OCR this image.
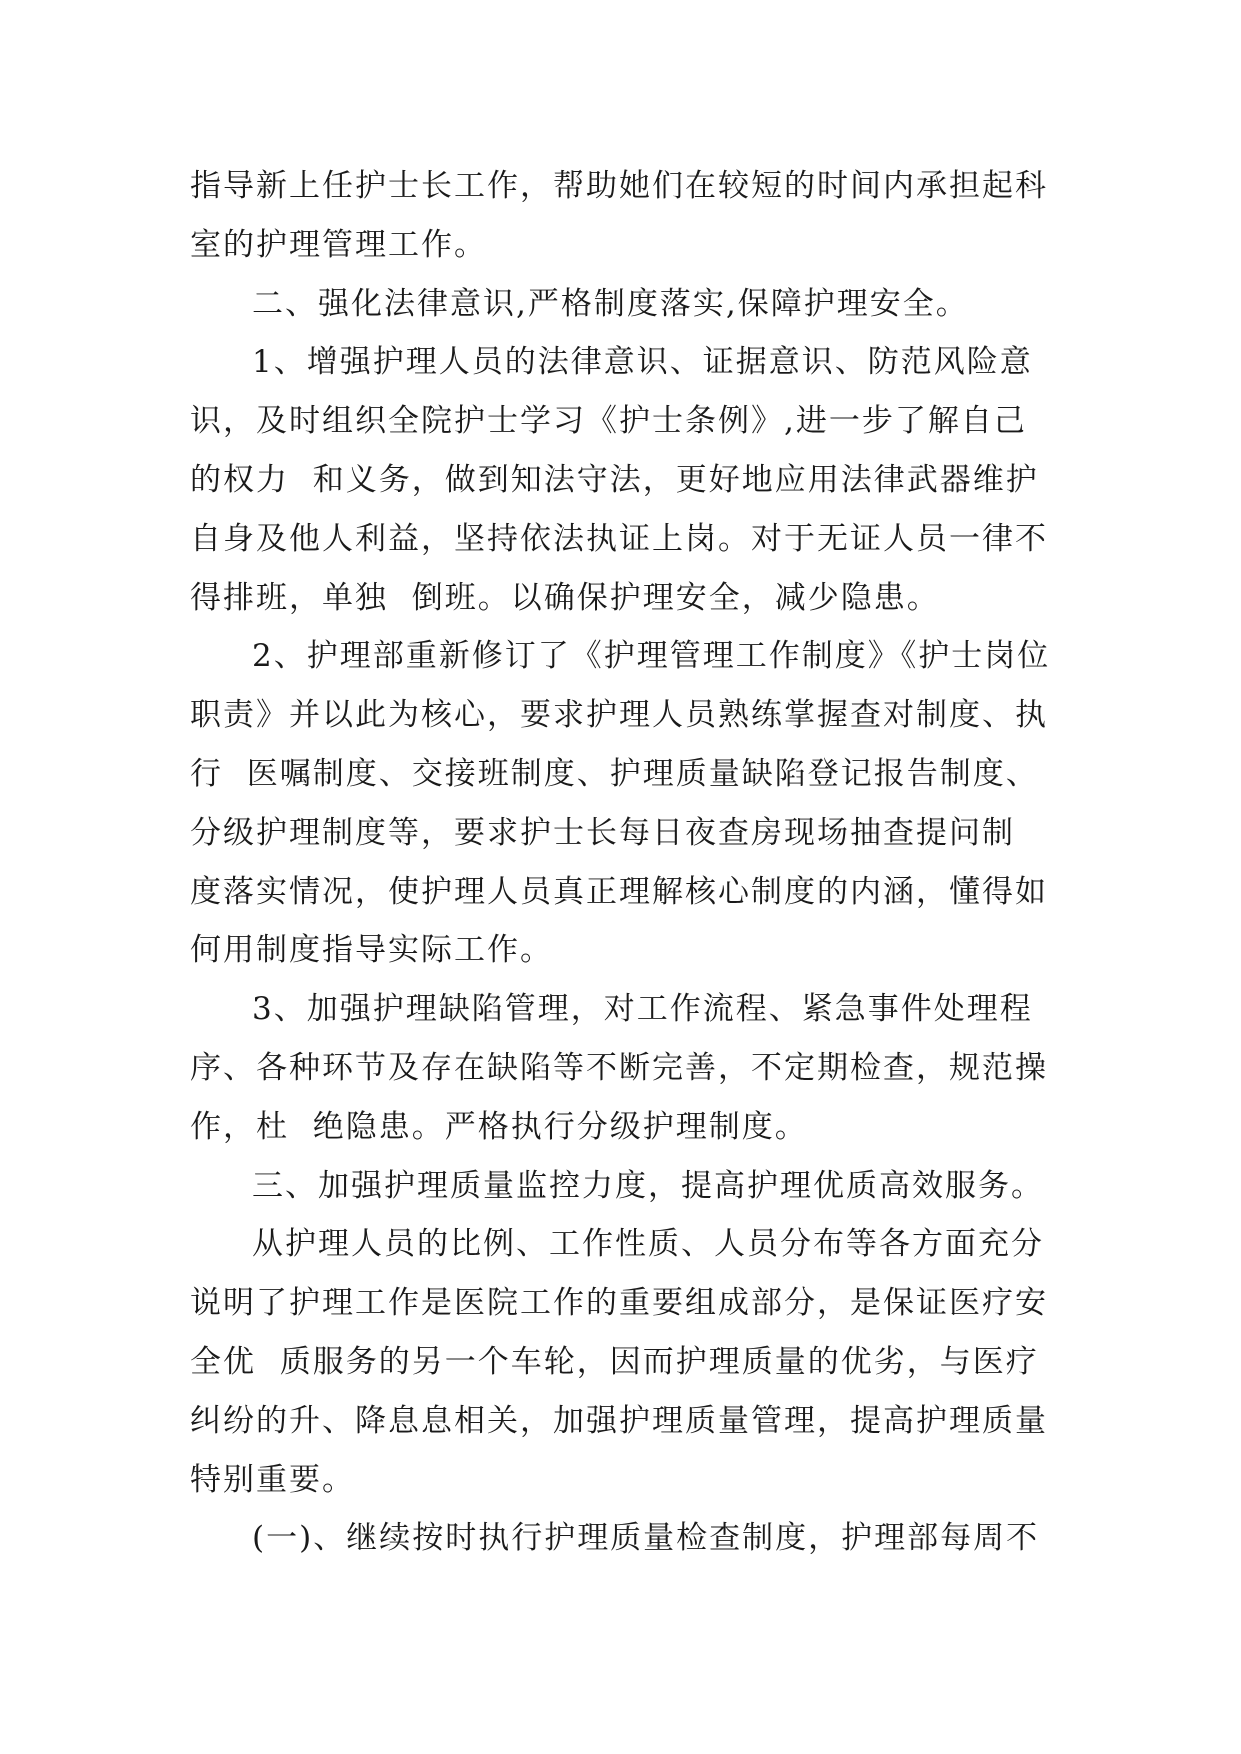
指导新上任护士长工作，帮助她们在较短的时间内承担起科
室的护理管理工作。
二、强化法律意识,严格制度落实,保障护理安全。
1、增强护理人员的法律意识、证据意识、防范风险意
识，及时组织全院护士学习《护士条例》,进一步了解自己
的权力  和义务，做到知法守法，更好地应用法律武器维护
自身及他人利益，坚持依法执证上岗。对于无证人员一律不
得排班，单独  倒班。以确保护理安全，减少隐患。
2、护理部重新修订了《护理管理工作制度》《护士岗位
职责》并以此为核心，要求护理人员熟练掌握查对制度、执
行  医嘱制度、交接班制度、护理质量缺陷登记报告制度、
分级护理制度等，要求护士长每日夜查房现场抽查提问制
度落实情况，使护理人员真正理解核心制度的内涵，懂得如
何用制度指导实际工作。
3、加强护理缺陷管理，对工作流程、紧急事件处理程
序、各种环节及存在缺陷等不断完善，不定期检查，规范操
作，杜  绝隐患。严格执行分级护理制度。
三、加强护理质量监控力度，提高护理优质高效服务。
从护理人员的比例、工作性质、人员分布等各方面充分
说明了护理工作是医院工作的重要组成部分，是保证医疗安
全优  质服务的另一个车轮，因而护理质量的优劣，与医疗
纠纷的升、降息息相关，加强护理质量管理，提高护理质量
特别重要。
(一)、继续按时执行护理质量检查制度，护理部每周不
